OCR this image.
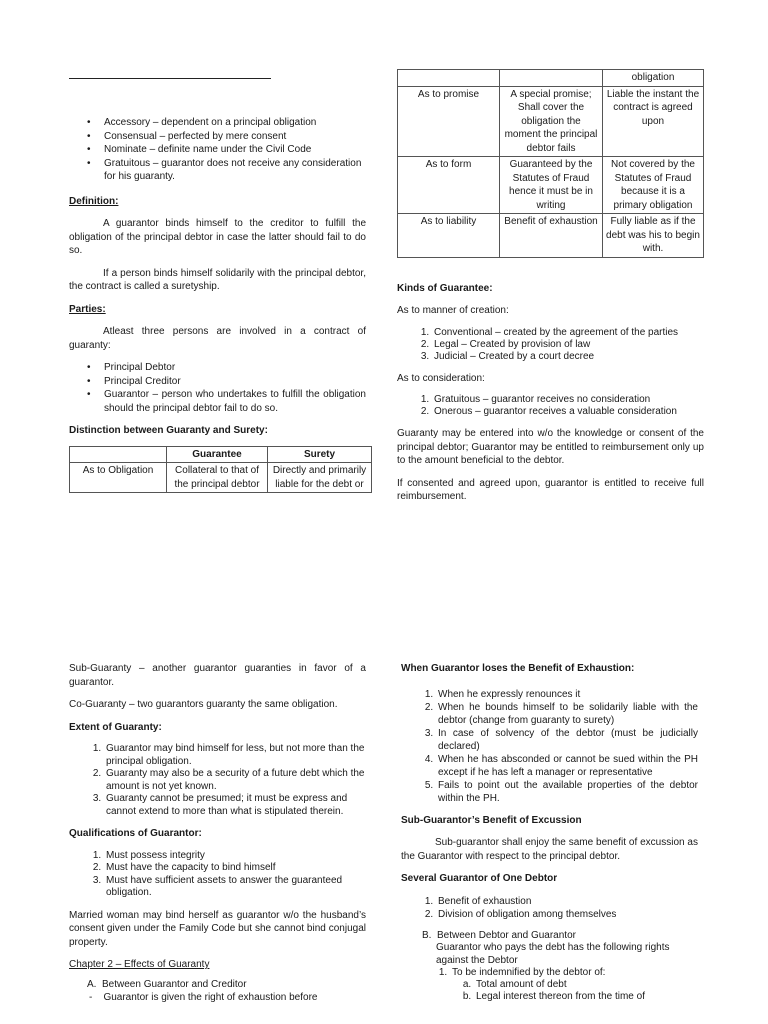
• Accessory – dependent on a principal obligation
• Consensual – perfected by mere consent
• Nominate – definite name under the Civil Code
• Gratuitous – guarantor does not receive any consideration for his guaranty.

Definition:

A guarantor binds himself to the creditor to fulfill the obligation of the principal debtor in case the latter should fail to do so.

If a person binds himself solidarily with the principal debtor, the contract is called a suretyship.

Parties:

Atleast three persons are involved in a contract of guaranty:

• Principal Debtor
• Principal Creditor
• Guarantor – person who undertakes to fulfill the obligation should the principal debtor fail to do so.

Distinction between Guaranty and Surety:

	Guarantee	Surety
As to Obligation	Collateral to that of the principal debtor	Directly and primarily liable for the debt or
		obligation
As to promise	A special promise; Shall cover the obligation the moment the principal debtor fails	Liable the instant the contract is agreed upon
As to form	Guaranteed by the Statutes of Fraud hence it must be in writing	Not covered by the Statutes of Fraud because it is a primary obligation
As to liability	Benefit of exhaustion	Fully liable as if the debt was his to begin with.

Kinds of Guarantee:

As to manner of creation:

1. Conventional – created by the agreement of the parties
2. Legal – Created by provision of law
3. Judicial – Created by a court decree

As to consideration:

1. Gratuitous – guarantor receives no consideration
2. Onerous – guarantor receives a valuable consideration

Guaranty may be entered into w/o the knowledge or consent of the principal debtor; Guarantor may be entitled to reimbursement only up to the amount beneficial to the debtor.

If consented and agreed upon, guarantor is entitled to receive full reimbursement.

Sub-Guaranty – another guarantor guaranties in favor of a guarantor.

Co-Guaranty – two guarantors guaranty the same obligation.

Extent of Guaranty:

1. Guarantor may bind himself for less, but not more than the principal obligation.
2. Guaranty may also be a security of a future debt which the amount is not yet known.
3. Guaranty cannot be presumed; it must be express and cannot extend to more than what is stipulated therein.

Qualifications of Guarantor:

1. Must possess integrity
2. Must have the capacity to bind himself
3. Must have sufficient assets to answer the guaranteed obligation.

Married woman may bind herself as guarantor w/o the husband’s consent given under the Family Code but she cannot bind conjugal property.

Chapter 2 – Effects of Guaranty

A.  Between Guarantor and Creditor

-    Guarantor is given the right of exhaustion before

When Guarantor loses the Benefit of Exhaustion:

1. When he expressly renounces it
2. When he bounds himself to be solidarily liable with the debtor (change from guaranty to surety)
3. In case of solvency of the debtor (must be judicially declared)
4. When he has absconded or cannot be sued within the PH except if he has left a manager or representative
5. Fails to point out the available properties of the debtor within the PH.

Sub-Guarantor’s Benefit of Excussion

Sub-guarantor shall enjoy the same benefit of excussion as the Guarantor with respect to the principal debtor.

Several Guarantor of One Debtor

1. Benefit of exhaustion
2. Division of obligation among themselves

B.  Between Debtor and Guarantor

Guarantor who pays the debt has the following rights against the Debtor

1. To be indemnified by the debtor of:
a. Total amount of debt
b. Legal interest thereon from the time of
